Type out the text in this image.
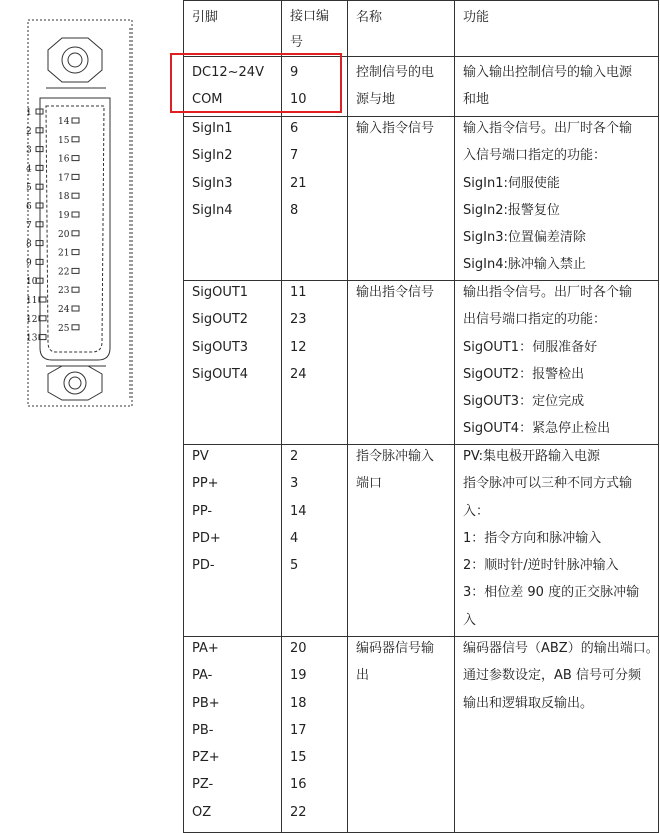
1
2
3
4
5
6
7
8
9
10
11
12
13
14
15
16
17
18
19
20
21
22
23
24
25
引脚	接口编号
名称	功能
DC12~24V
COM
9
10
控制信号的电
源与地
输入输出控制信号的输入电源
和地
SigIn1
SigIn2
SigIn3
SigIn4
6
7
21
8
输入指令信号 输入指令信号。出厂时各个输
入信号端口指定的功能：
SigIn1:伺服使能
SigIn2:报警复位
SigIn3:位置偏差清除
SigIn4:脉冲输入禁止
SigOUT1
SigOUT2
SigOUT3
SigOUT4
11
23
12
24
输出指令信号 输出指令信号。出厂时各个输
出信号端口指定的功能：
SigOUT1：伺服准备好
SigOUT2：报警检出
SigOUT3：定位完成
SigOUT4：紧急停止检出
PV
PP+
PP-
PD+
PD-
2
3
14
4
5
指令脉冲输入
端口
PV:集电极开路输入电源
指令脉冲可以三种不同方式输
入：
1：指令方向和脉冲输入
2：顺时针/逆时针脉冲输入
3：相位差 90 度的正交脉冲输
入
PA+
PA-
PB+
PB-
PZ+
PZ-
OZ
20
19
18
17
15
16
22
编码器信号输
出
编码器信号（ABZ）的输出端口。
通过参数设定，AB 信号可分频
输出和逻辑取反输出。
